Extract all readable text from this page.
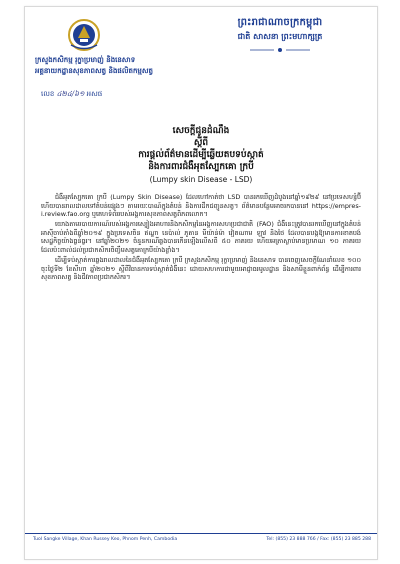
ព្រះរាជាណាចក្រកម្ពុជា
ជាតិ សាសនា ព្រះមហាក្សត្រ
ក្រសួងកសិកម្ម រុក្ខាប្រមាញ់ និងនេសាទ
អគ្គនាយកដ្ឋានសុខភាពសត្វ និងផលិតកម្មសត្វ
លេខ ៤២៤/៦១ អសផ
សេចក្តីជូនដំណឹង
ស្តីពី
ការផ្តល់ព័ត៌មានដើម្បីឆ្លើយតបទប់ស្កាត់
និងការពារជំងឺអុតស្បែកគោ ក្របី
(Lumpy skin Disease - LSD)

ជំងឺអុតស្បែកគោ ក្របី (Lumpy Skin Disease) ដែលហៅកាត់ថា LSD បានរកឃើញដំបូងនៅឆ្នាំ១៩២៩ នៅប្រទេសហ្សំប៊ី ហើយបានរាលដាលទៅតំបន់ផ្សេងៗ តាមរយៈបាណ៍ក្នុងតំបន់ និងការដឹកជញ្ជូនសត្វ។ ព័ត៌មានបន្ថែមអាចរកបាននៅ https://empres-i.review.fao.org ឬគេហទំព័ររបស់អង្គការសុខភាពសត្វពិភពលោក។

យោងតាមរបាយការណ៍របស់អង្គការស្បៀងអាហារនិងកសិកម្មនៃអង្គការសហប្រជាជាតិ (FAO) ជំងឺនេះត្រូវបានរកឃើញនៅក្នុងតំបន់អាស៊ីចាប់តាំងពីឆ្នាំ២០១៩ ក្នុងប្រទេសចិន ឥណ្ឌា នេប៉ាល់ ភូតាន មីយ៉ាន់ម៉ា វៀតណាម ឡាវ និងថៃ ដែលបានបង្កឱ្យមានការខាតបង់សេដ្ឋកិច្ចយ៉ាងធ្ងន់ធ្ងរ។ នៅឆ្នាំ២០២១ ចំនួនករណីឆ្លងបានកើនឡើងលើសពី ៥០ ភាគរយ ហើយអត្រាស្លាប់មានប្រមាណ ១០ ភាគរយ ដែលប៉ះពាល់ដល់ប្រជាកសិករចិញ្ចឹមសត្វគោក្របីយ៉ាងខ្លាំង។

ដើម្បីទប់ស្កាត់ការឆ្លងរាលដាលនៃជំងឺអុតស្បែកគោ ក្របី ក្រសួងកសិកម្ម រុក្ខាប្រមាញ់ និងនេសាទ បានចេញសេចក្តីណែនាំលេខ ១០០ ចុះថ្ងៃទី២ ខែសីហា ឆ្នាំ២០២១ ស្តីពីវិធានការទប់ស្កាត់ជំងឺនេះ ដោយសហការជាមួយអាជ្ញាធរមូលដ្ឋាន និងសាមីខ្លួនពាក់ព័ន្ធ ដើម្បីការពារសុខភាពសត្វ និងជីវភាពប្រជាកសិករ។

Tuol Sangke Village, Khan Russey Keo, Phnom Penh, Cambodia	Tel: (855) 23 888 766 / Fax: (855) 23 885 288
